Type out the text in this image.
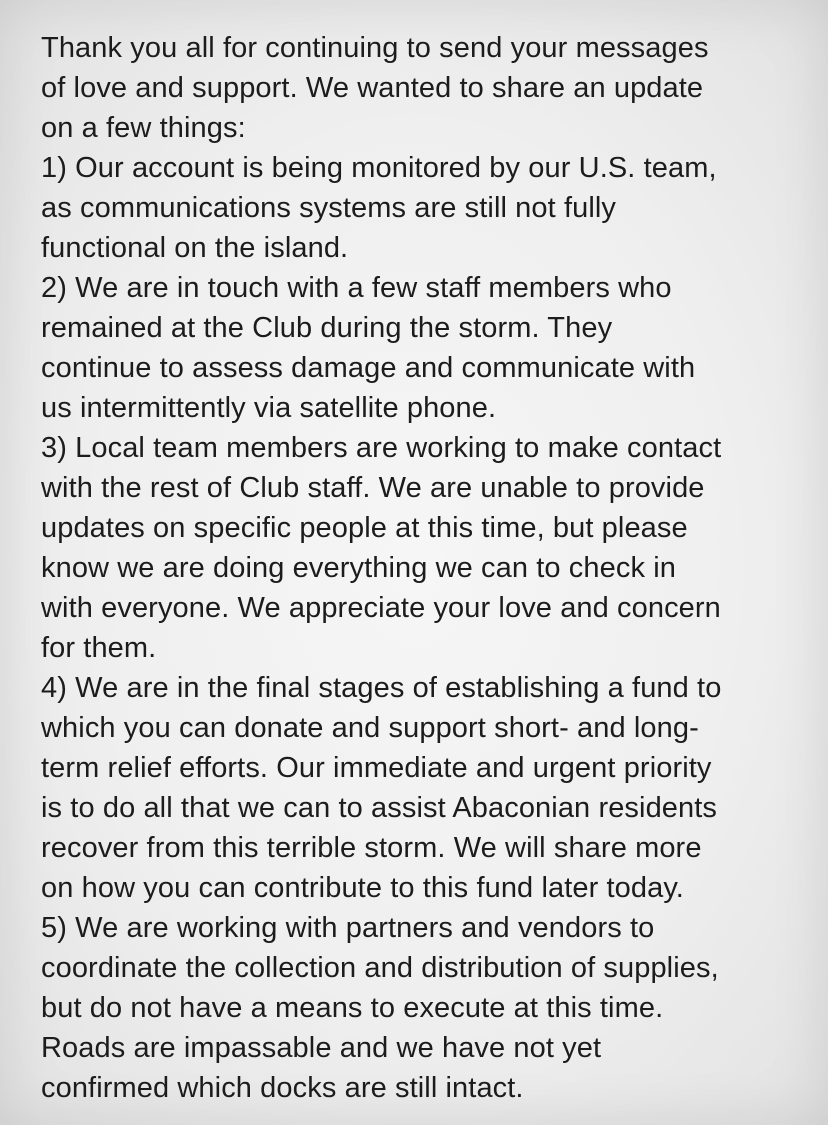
Thank you all for continuing to send your messages
of love and support. We wanted to share an update
on a few things:
1) Our account is being monitored by our U.S. team,
as communications systems are still not fully
functional on the island.
2) We are in touch with a few staff members who
remained at the Club during the storm. They
continue to assess damage and communicate with
us intermittently via satellite phone.
3) Local team members are working to make contact
with the rest of Club staff. We are unable to provide
updates on specific people at this time, but please
know we are doing everything we can to check in
with everyone. We appreciate your love and concern
for them.
4) We are in the final stages of establishing a fund to
which you can donate and support short- and long-
term relief efforts. Our immediate and urgent priority
is to do all that we can to assist Abaconian residents
recover from this terrible storm. We will share more
on how you can contribute to this fund later today.
5) We are working with partners and vendors to
coordinate the collection and distribution of supplies,
but do not have a means to execute at this time.
Roads are impassable and we have not yet
confirmed which docks are still intact.
